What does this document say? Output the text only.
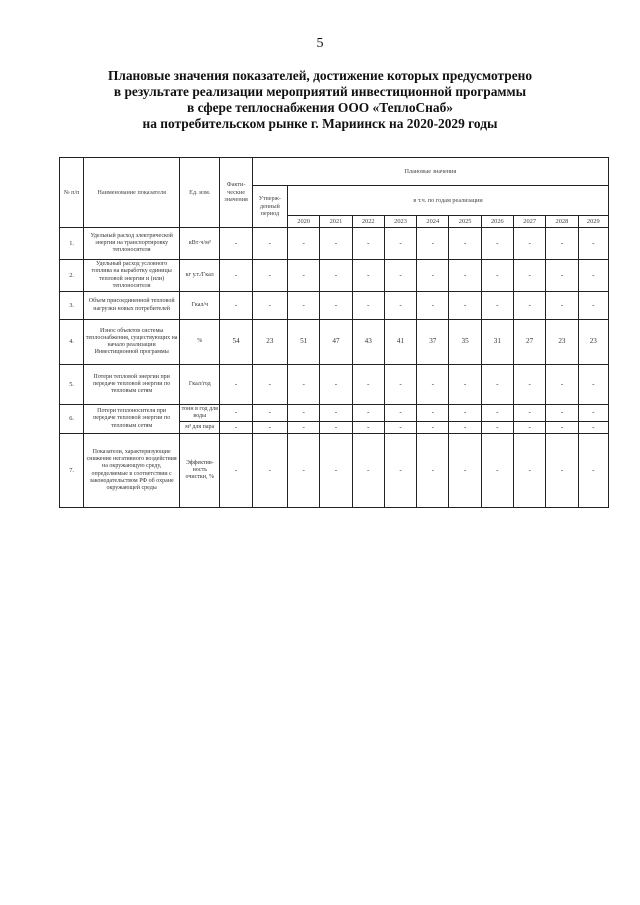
5
Плановые значения показателей, достижение которых предусмотрено
в результате реализации мероприятий инвестиционной программы
в сфере теплоснабжения ООО «ТеплоСнаб»
на потребительском рынке г. Мариинск на 2020-2029 годы
№ п/п	Наименование показателя	Ед. изм.	Факти-ческие значения	Плановые значения										
				Утверж-денный период	в т.ч. по годам реализации									
					2020	2021	2022	2023	2024	2025	2026	2027	2028	2029
1.	Удельный расход электрической энергии на транспортировку теплоносителя	кВт·ч/м³	-	-	-	-	-	-	-	-	-	-	-	-
2.	Удельный расход условного топлива на выработку единицы тепловой энергии и (или) теплоносителя	кг у.т./Гкал	-	-	-	-	-	-	-	-	-	-	-	-
3.	Объем присоединенной тепловой нагрузки новых потребителей	Гкал/ч	-	-	-	-	-	-	-	-	-	-	-	-
4.	Износ объектов системы теплоснабжения, существующих на начало реализации Инвестиционной программы	%	54	23	51	47	43	41	37	35	31	27	23	23
5.	Потери тепловой энергии при передаче тепловой энергии по тепловым сетям	Гкал/год	-	-	-	-	-	-	-	-	-	-	-	-
6.	Потери теплоносителя при передаче тепловой энергии по тепловым сетям	тонн в год для воды	-	-	-	-	-	-	-	-	-	-	-	-
		м³ для пара	-	-	-	-	-	-	-	-	-	-	-	-
7.	Показатели, характеризующие снижение негативного воздействия на окружающую среду, определяемые в соответствии с законодательством РФ об охране окружающей среды	Эффектив-ность очистки, %	-	-	-	-	-	-	-	-	-	-	-	-
